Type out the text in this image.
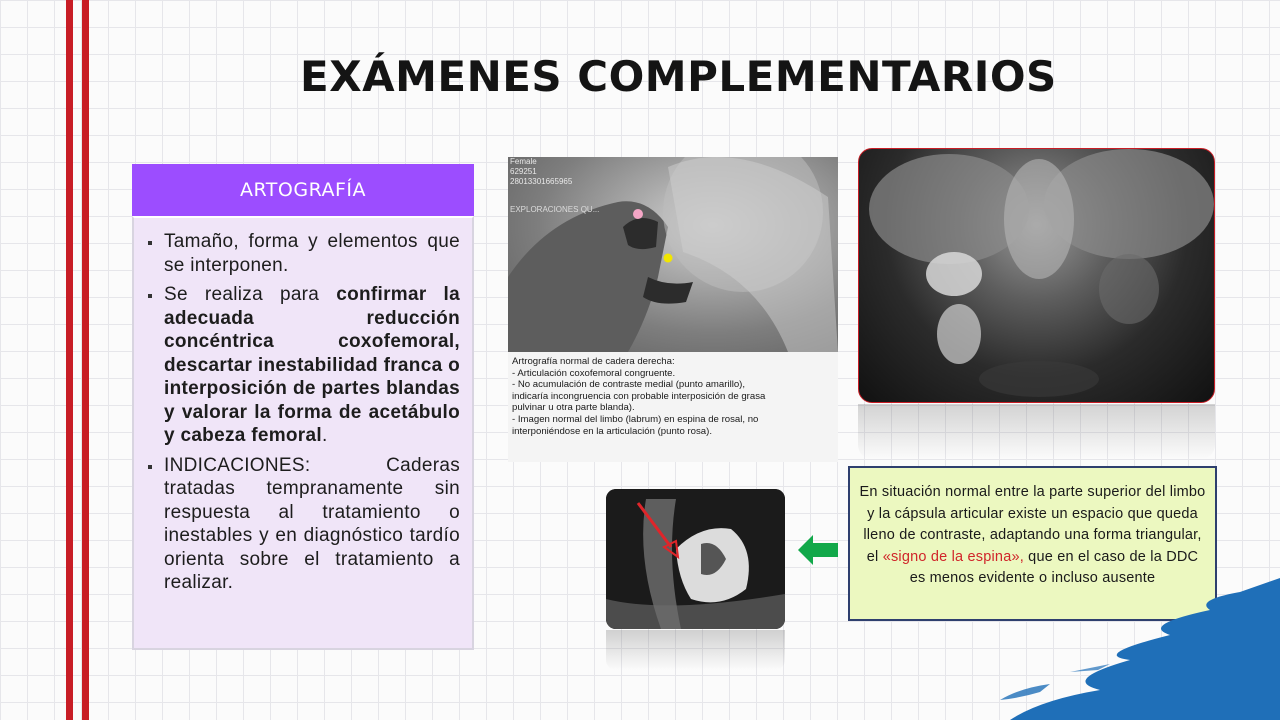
EXÁMENES COMPLEMENTARIOS
ARTOGRAFÍA
Tamaño, forma y elementos que se interponen.
Se realiza para confirmar la adecuada reducción concéntrica coxofemoral, descartar inestabilidad franca o interposición de partes blandas y valorar la forma de acetábulo y cabeza femoral.
INDICACIONES: Caderas tratadas tempranamente sin respuesta al tratamiento o inestables y en diagnóstico tardío orienta sobre el tratamiento a realizar.
Female
629251
28013301665965
EXPLORACIONES QU...
Artrografía normal de cadera derecha:
- Articulación coxofemoral congruente.
- No acumulación de contraste medial (punto amarillo),
indicaría incongruencia con probable interposición de grasa
pulvinar u otra parte blanda).
- Imagen normal del limbo (labrum) en espina de rosal, no
interponiéndose en la articulación (punto rosa).
En situación normal entre la parte superior del limbo y la cápsula articular existe un espacio que queda lleno de contraste, adaptando una forma triangular, el «signo de la espina», que en el caso de la DDC es menos evidente o incluso ausente
